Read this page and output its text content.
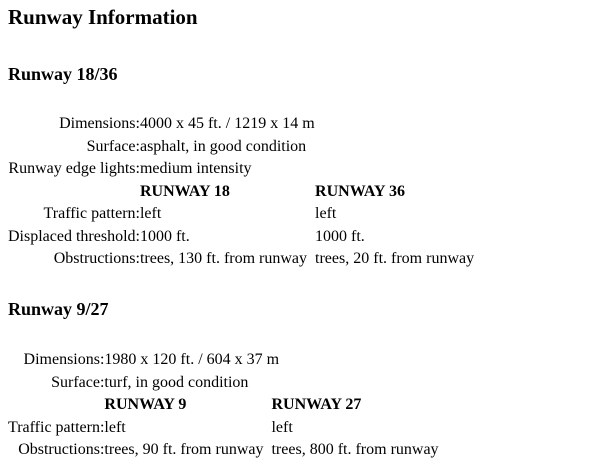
Runway Information
Runway 18/36
Dimensions:	4000 x 45 ft. / 1219 x 14 m		
Surface:	asphalt, in good condition		
Runway edge lights:	medium intensity		
	RUNWAY 18		RUNWAY 36
Traffic pattern:	left		left
Displaced threshold:	1000 ft.		1000 ft.
Obstructions:	trees, 130 ft. from runway		trees, 20 ft. from runway
Runway 9/27
Dimensions:	1980 x 120 ft. / 604 x 37 m		
Surface:	turf, in good condition		
	RUNWAY 9		RUNWAY 27
Traffic pattern:	left		left
Obstructions:	trees, 90 ft. from runway		trees, 800 ft. from runway
